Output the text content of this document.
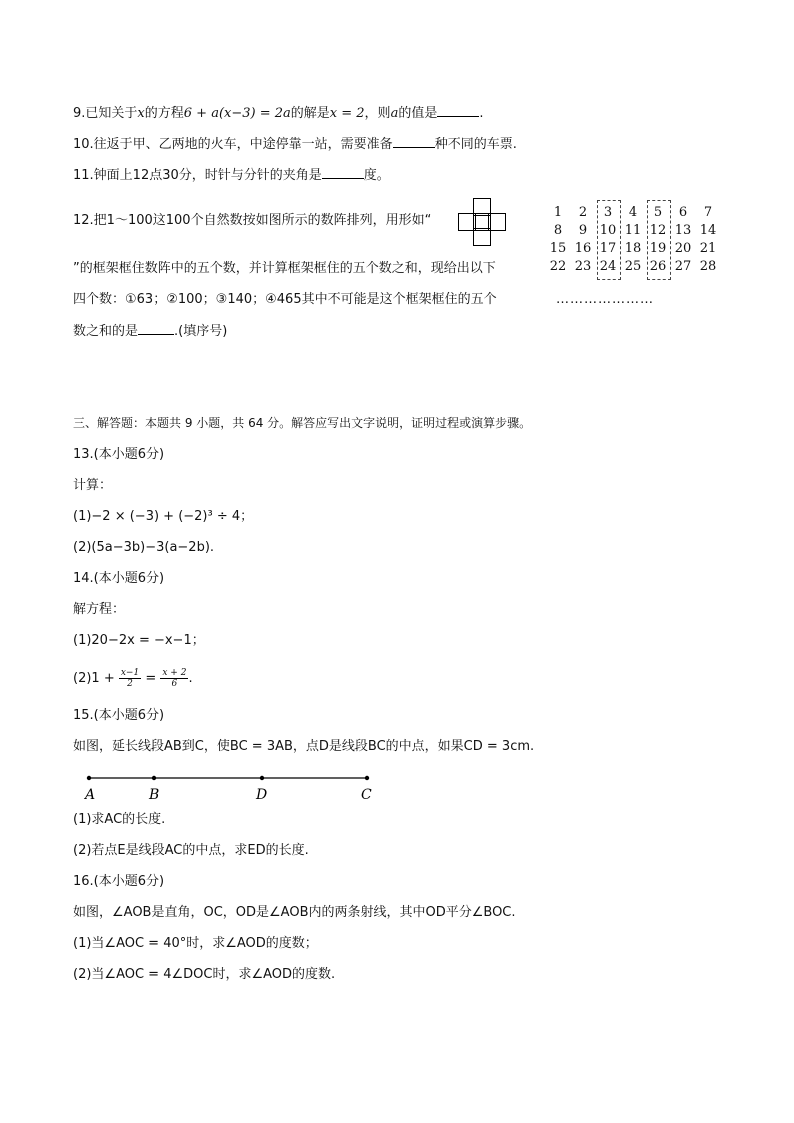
9.已知关于x的方程6 + a(x−3) = 2a的解是x = 2，则a的值是	.
10.往返于甲、乙两地的火车，中途停靠一站，需要准备	种不同的车票.
11.钟面上12点30分，时针与分针的夹角是	度。
12.把1～100这100个自然数按如图所示的数阵排列，用形如“
”的框架框住数阵中的五个数，并计算框架框住的五个数之和，现给出以下
四个数：①63；②100；③140；④465其中不可能是这个框架框住的五个
数之和的是	.(填序号)
1	2	3	4	5	6	7
8	9 10 11 12 13 14
15 16 17 18 19 20 21
22 23 24 25 26 27 28
…………………
三、解答题：本题共 9 小题，共 64 分。解答应写出文字说明，证明过程或演算步骤。
13.(本小题6分)
计算：
(1)−2 × (−3) + (−2)³ ÷ 4；
(2)(5a−3b)−3(a−2b).
14.(本小题6分)
解方程：
(1)20−2x = −x−1；
$(2)1 + \frac{x-1}{2} = \frac{x + 2}{6}$ .
15.(本小题6分)
如图，延长线段AB到C，使BC = 3AB，点D是线段BC的中点，如果CD = 3cm.
A	B	D	C
(1)求AC的长度.
(2)若点E是线段AC的中点，求ED的长度.
16.(本小题6分)
如图，∠AOB是直角，OC，OD是∠AOB内的两条射线，其中OD平分∠BOC.
(1)当∠AOC = 40°时，求∠AOD的度数；
(2)当∠AOC = 4∠DOC时，求∠AOD的度数.
